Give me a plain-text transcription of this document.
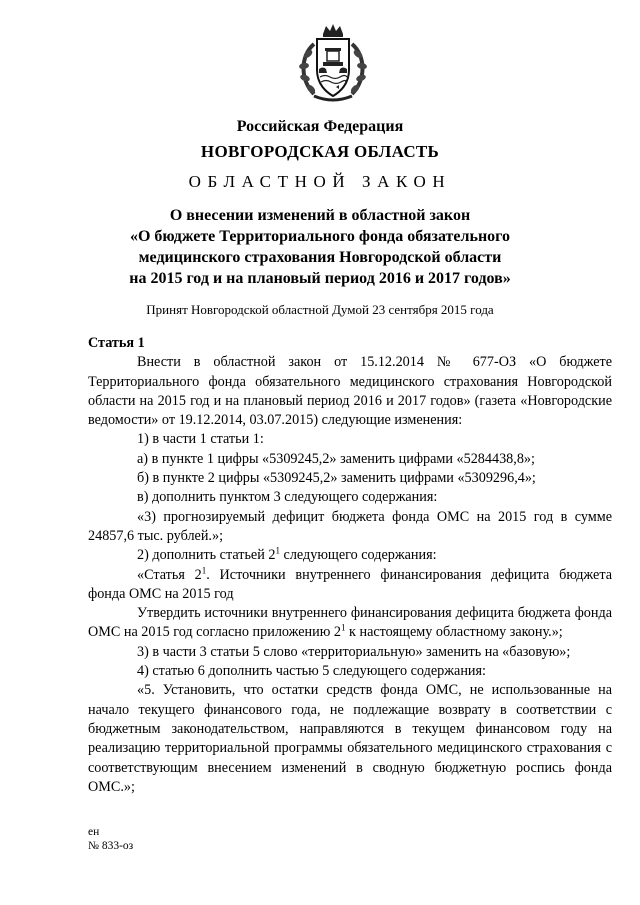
Российская Федерация
НОВГОРОДСКАЯ ОБЛАСТЬ
ОБЛАСТНОЙ ЗАКОН
О внесении изменений в областной закон
«О бюджете Территориального фонда обязательного
медицинского страхования Новгородской области
на 2015 год и на плановый период 2016 и 2017 годов»
Принят Новгородской областной Думой 23 сентября 2015 года

Статья 1

Внести в областной закон от 15.12.2014 № 677-ОЗ «О бюджете Территориального фонда обязательного медицинского страхования Новгородской области на 2015 год и на плановый период 2016 и 2017 годов» (газета «Новгородские ведомости» от 19.12.2014, 03.07.2015) следующие изменения:

1) в части 1 статьи 1:

а) в пункте 1 цифры «5309245,2» заменить цифрами «5284438,8»;

б) в пункте 2 цифры «5309245,2» заменить цифрами «5309296,4»;

в) дополнить пунктом 3 следующего содержания:

«3) прогнозируемый дефицит бюджета фонда ОМС на 2015 год в сумме 24857,6 тыс. рублей.»;

2) дополнить статьей $2^1$ следующего содержания:

«Статья $2^1$. Источники внутреннего финансирования дефицита бюджета фонда ОМС на 2015 год

Утвердить источники внутреннего финансирования дефицита бюджета фонда ОМС на 2015 год согласно приложению $2^1$ к настоящему областному закону.»;

3) в части 3 статьи 5 слово «территориальную» заменить на «базовую»;

4) статью 6 дополнить частью 5 следующего содержания:

«5. Установить, что остатки средств фонда ОМС, не использованные на начало текущего финансового года, не подлежащие возврату в соответствии с бюджетным законодательством, направляются в текущем финансовом году на реализацию территориальной программы обязательного медицинского страхования с соответствующим внесением изменений в сводную бюджетную роспись фонда ОМС.»;

ен
№ 833-оз
